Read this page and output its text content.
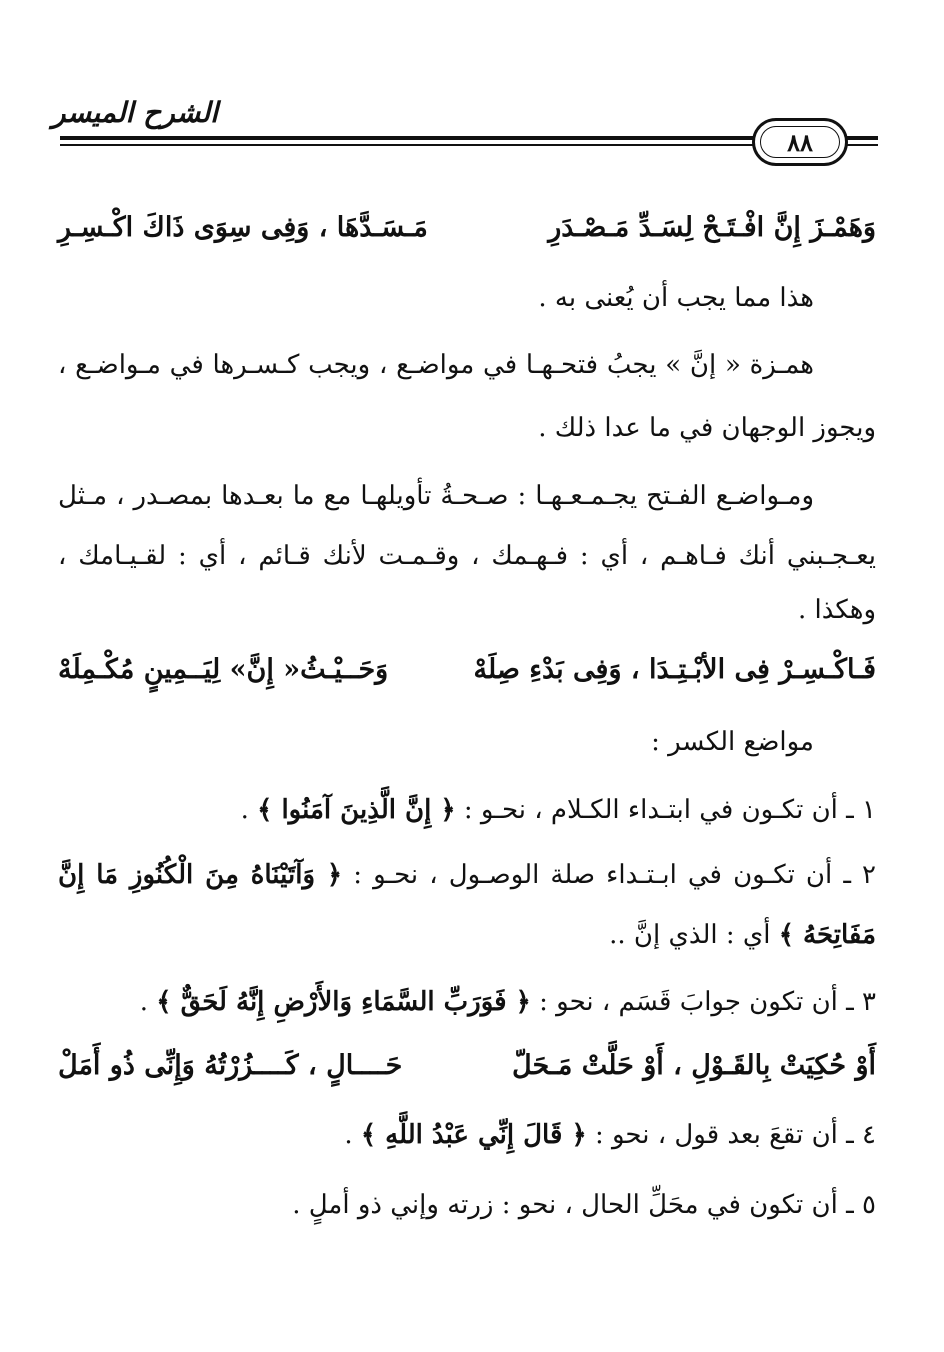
الشرح الميسر
٨٨
وَهَمْـزَ إِنَّ افْـتَـحْ لِسَـدِّ مَـصْـدَرِ
مَـسَـدَّهَا ، وَفِى سِوَى ذَاكَ اكْـسِـرِ
هذا مما يجب أن يُعنى به .
همـزة « إنَّ » يجبُ فتحـهـا في مواضـع ، ويجب كـسـرها في مـواضـع ،
ويجوز الوجهان في ما عدا ذلك .
ومـواضـع الفـتح يجـمـعـهـا : صـحـةُ تأويلهـا مع ما بعـدها بمصـدر ، مـثل
يعـجـبني أنك فـاهـم ، أي : فـهـمك ، وقـمـت لأنك قـائم ، أي : لقـيـامك ،
وهكذا .
فَـاكْـسِـرْ فِى الأبْـتِـدَا ، وَفِى بَدْءِ صِلَهْ
وَحَــيْـثُ« إِنَّ» لِيَــمِينٍ مُكْـمِلَهْ
مواضع الكسر :
١ ـ أن تكـون في ابتـداء الكـلام ، نحـو : ﴿ إِنَّ الَّذِينَ آمَنُوا ﴾ .
٢ ـ أن تكـون في ابـتـداء صلة الوصـول ، نحـو : ﴿ وَآتَيْنَاهُ مِنَ الْكُنُوزِ مَا إِنَّ
مَفَاتِحَهُ ﴾ أي : الذي إنَّ ..
٣ ـ أن تكون جوابَ قَسَم ، نحو : ﴿ فَوَرَبِّ السَّمَاءِ وَالأَرْضِ إِنَّهُ لَحَقٌّ ﴾ .
أَوْ حُكِيَتْ بِالقَـوْلِ ، أَوْ حَلَّتْ مَـحَلّ
حَــــالٍ ، كَــــزُرْتُهُ وَإِنِّى ذُو أَمَلْ
٤ ـ أن تقعَ بعد قول ، نحو : ﴿ قَالَ إِنِّي عَبْدُ اللَّهِ ﴾ .
٥ ـ أن تكون في محَلِّ الحال ، نحو : زرته وإني ذو أملٍ .
